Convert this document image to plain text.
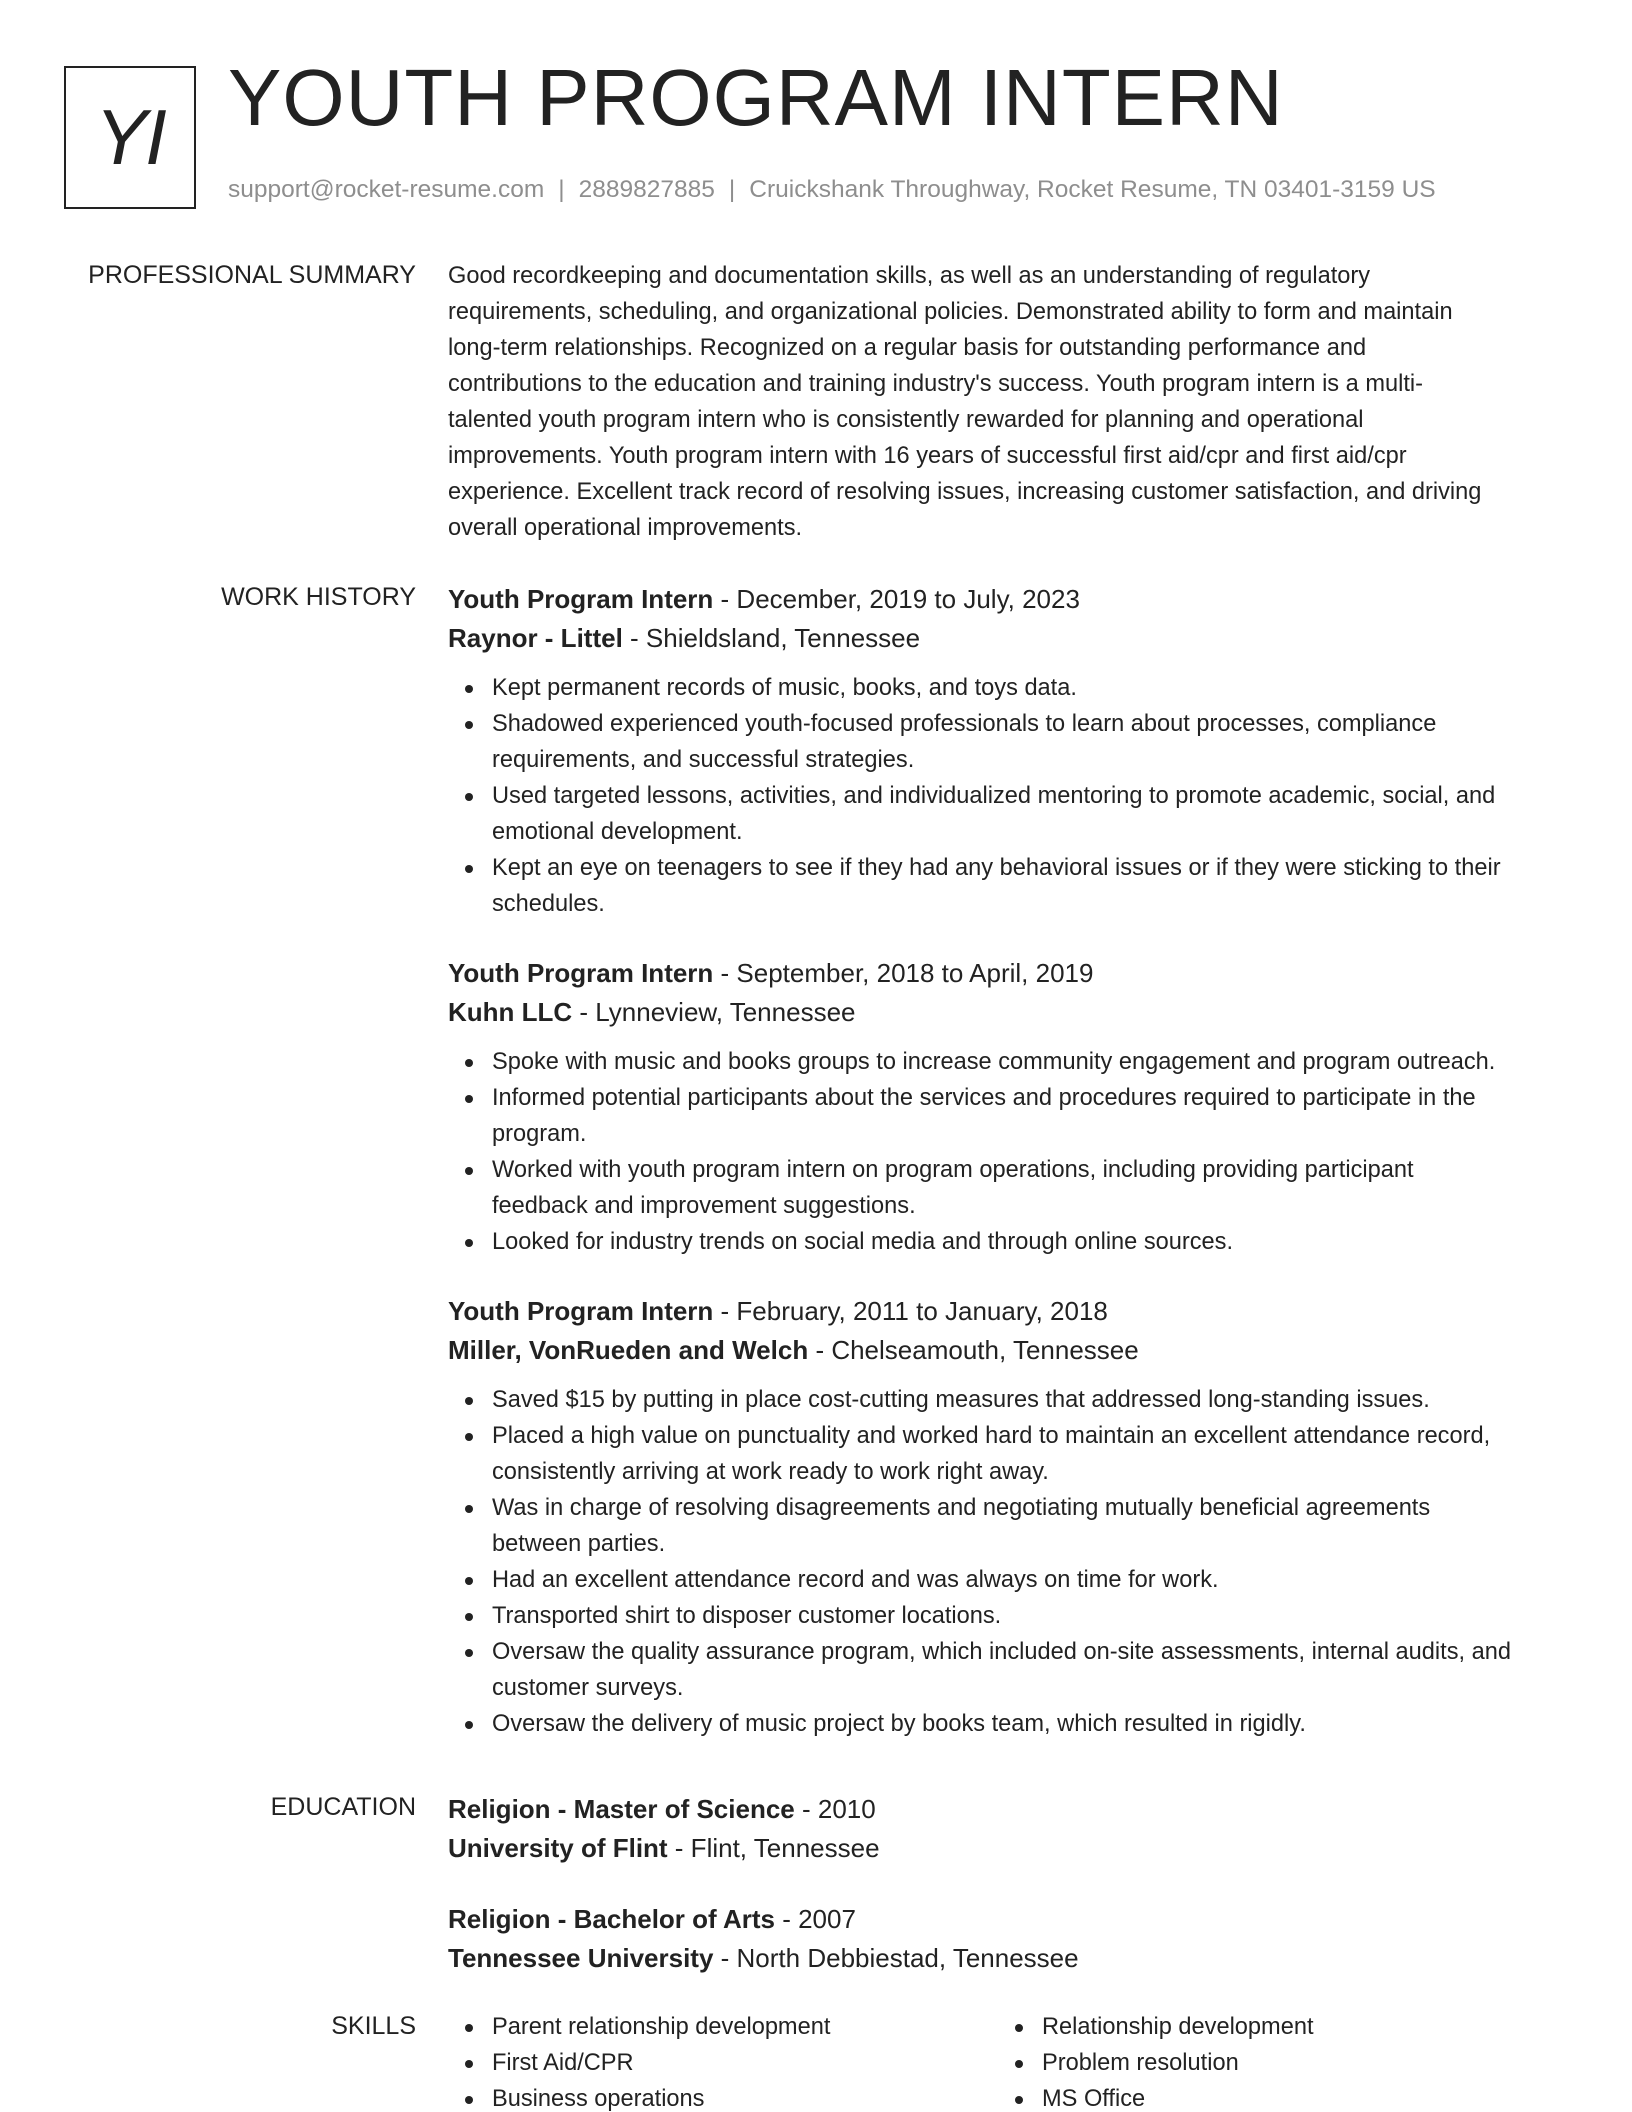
YI YOUTH PROGRAM INTERN
support@rocket-resume.com | 2889827885 | Cruickshank Throughway, Rocket Resume, TN 03401-3159 US
PROFESSIONAL SUMMARY Good recordkeeping and documentation skills, as well as an understanding of regulatory
requirements, scheduling, and organizational policies. Demonstrated ability to form and maintain
long-term relationships. Recognized on a regular basis for outstanding performance and
contributions to the education and training industry's success. Youth program intern is a multi-
talented youth program intern who is consistently rewarded for planning and operational
improvements. Youth program intern with 16 years of successful first aid/cpr and first aid/cpr
experience. Excellent track record of resolving issues, increasing customer satisfaction, and driving
overall operational improvements.
WORK HISTORY Youth Program Intern - December, 2019 to July, 2023
Raynor - Littel - Shieldsland, Tennessee
Kept permanent records of music, books, and toys data.
Shadowed experienced youth-focused professionals to learn about processes, compliance
requirements, and successful strategies.
Used targeted lessons, activities, and individualized mentoring to promote academic, social, and
emotional development.
Kept an eye on teenagers to see if they had any behavioral issues or if they were sticking to their
schedules.
Youth Program Intern - September, 2018 to April, 2019
Kuhn LLC - Lynneview, Tennessee
Spoke with music and books groups to increase community engagement and program outreach.
Informed potential participants about the services and procedures required to participate in the
program.
Worked with youth program intern on program operations, including providing participant
feedback and improvement suggestions.
Looked for industry trends on social media and through online sources.
Youth Program Intern - February, 2011 to January, 2018
Miller, VonRueden and Welch - Chelseamouth, Tennessee
Saved $15 by putting in place cost-cutting measures that addressed long-standing issues.
Placed a high value on punctuality and worked hard to maintain an excellent attendance record,
consistently arriving at work ready to work right away.
Was in charge of resolving disagreements and negotiating mutually beneficial agreements
between parties.
Had an excellent attendance record and was always on time for work.
Transported shirt to disposer customer locations.
Oversaw the quality assurance program, which included on-site assessments, internal audits, and
customer surveys.
Oversaw the delivery of music project by books team, which resulted in rigidly.
EDUCATION Religion - Master of Science - 2010
University of Flint - Flint, Tennessee
Religion - Bachelor of Arts - 2007
Tennessee University - North Debbiestad, Tennessee
SKILLS	Parent relationship development
First Aid/CPR
Business operations
Relationship development
Problem resolution
MS Office
